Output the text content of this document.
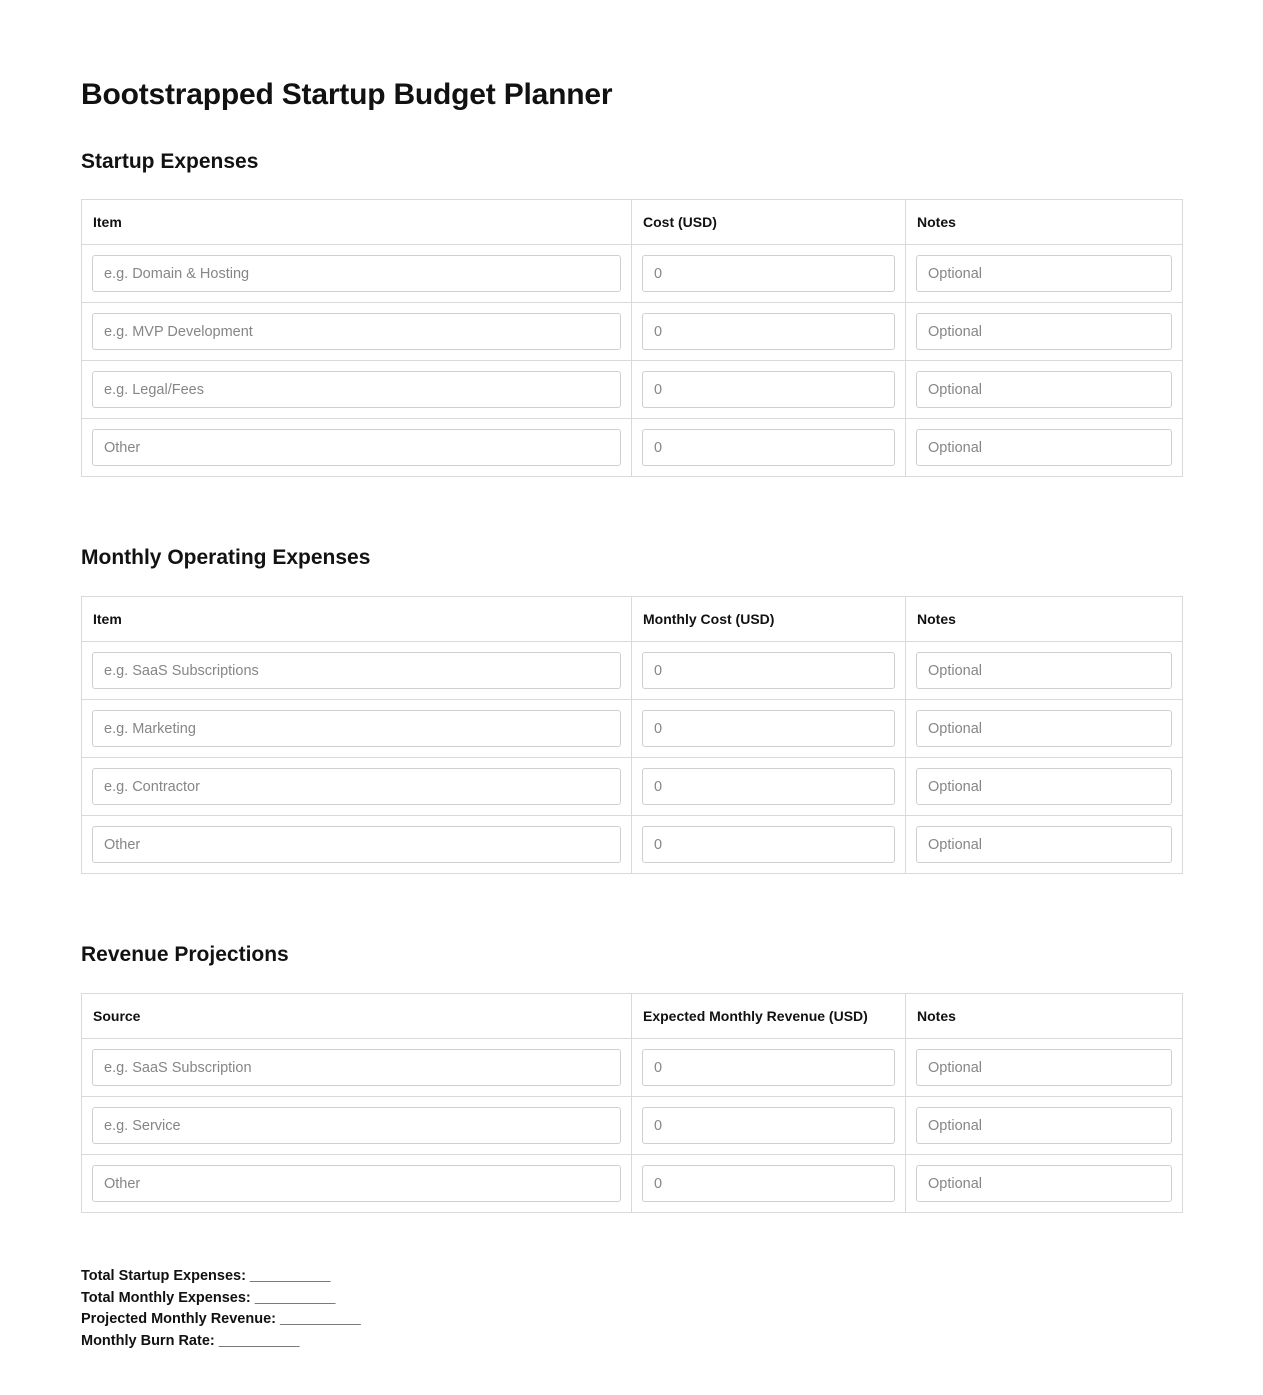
Bootstrapped Startup Budget Planner
Startup Expenses
Item	Cost (USD)	Notes

e.g. Domain & Hosting	
0	
Optional

e.g. MVP Development	
0	
Optional

e.g. Legal/Fees	
0	
Optional

Other	
0	
Optional
Monthly Operating Expenses
Item	Monthly Cost (USD)	Notes

e.g. SaaS Subscriptions	
0	
Optional

e.g. Marketing	
0	
Optional

e.g. Contractor	
0	
Optional

Other	
0	
Optional
Revenue Projections
Source	Expected Monthly Revenue (USD)	Notes

e.g. SaaS Subscription	
0	
Optional

e.g. Service	
0	
Optional

Other	
0	
Optional
Total Startup Expenses: __________
Total Monthly Expenses: __________
Projected Monthly Revenue: __________
Monthly Burn Rate: __________
